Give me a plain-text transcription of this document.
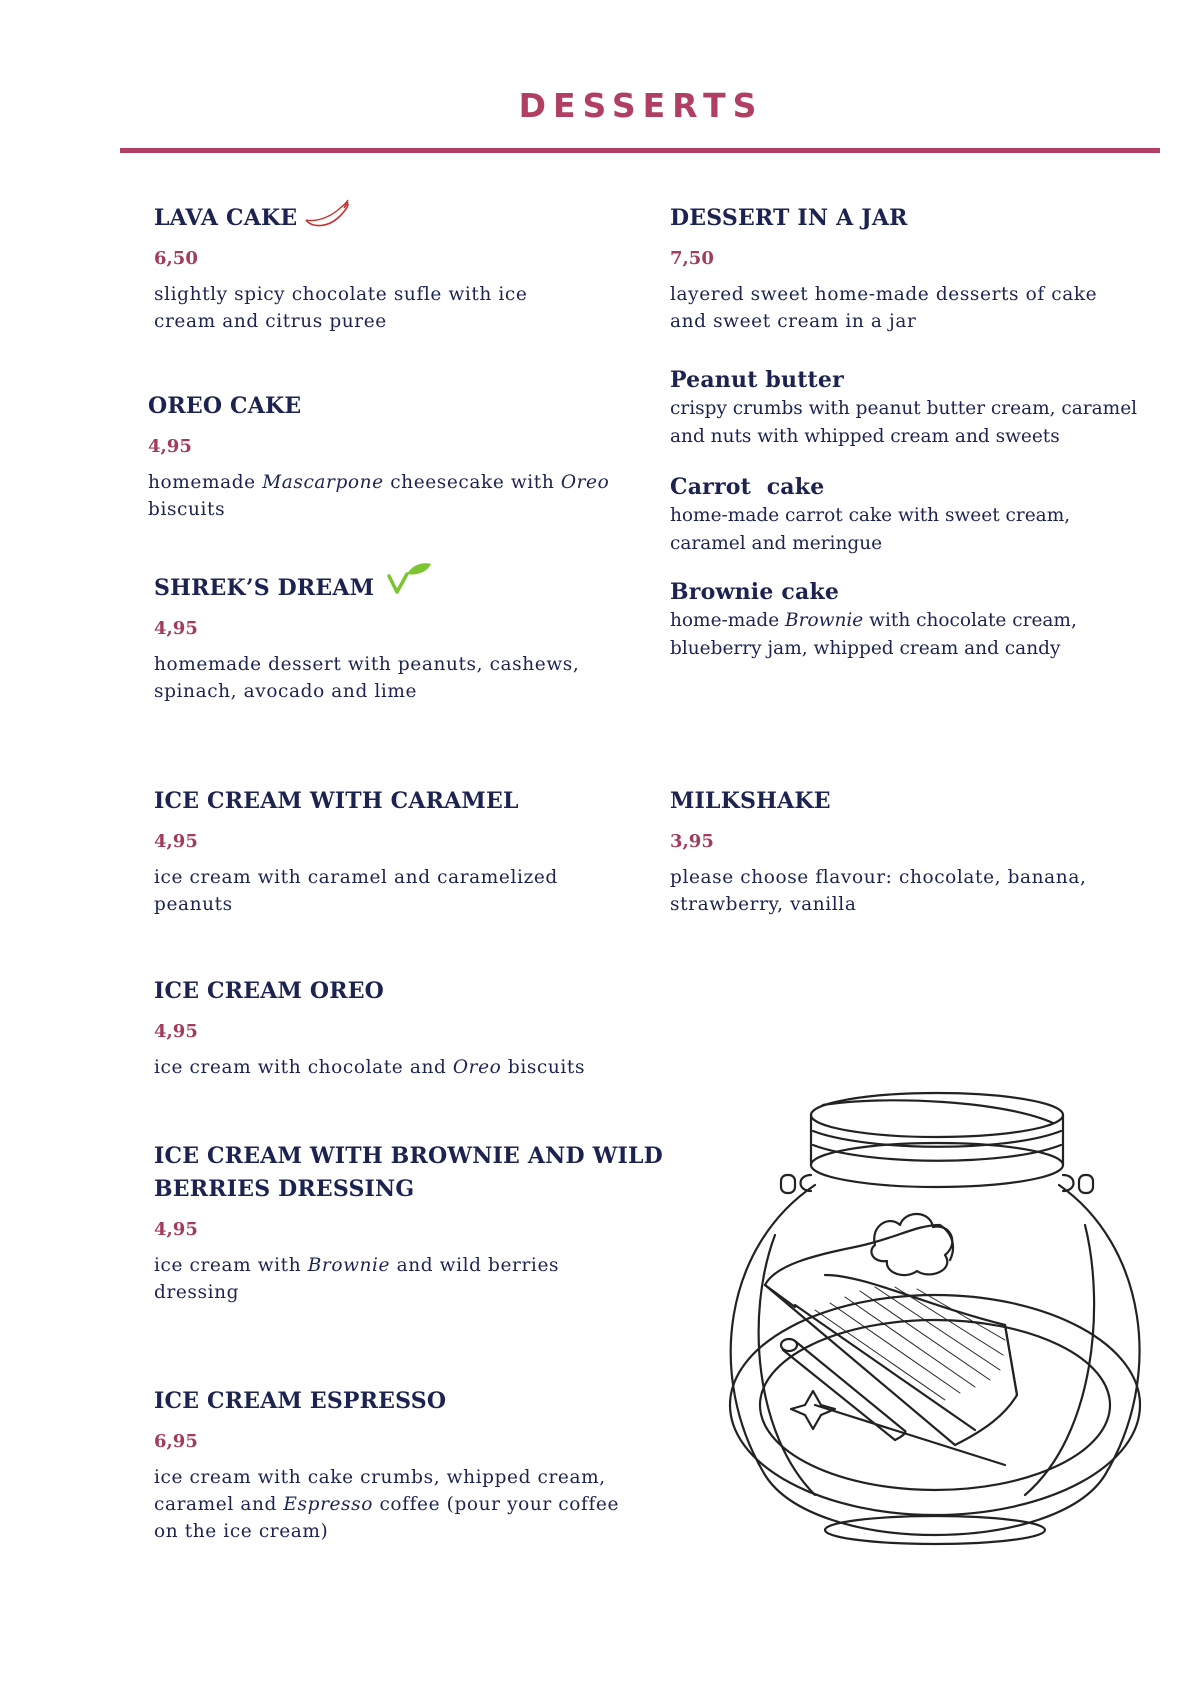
DESSERTS
LAVA CAKE
6,50
slightly spicy chocolate sufle with ice
cream and citrus puree
OREO CAKE
4,95
homemade Mascarpone cheesecake with Oreo
biscuits
SHREK’S DREAM
4,95
homemade dessert with peanuts, cashews,
spinach, avocado and lime
ICE CREAM WITH CARAMEL
4,95
ice cream with caramel and caramelized
peanuts
ICE CREAM OREO
4,95
ice cream with chocolate and Oreo biscuits
ICE CREAM WITH BROWNIE AND WILD
BERRIES DRESSING
4,95
ice cream with Brownie and wild berries
dressing
ICE CREAM ESPRESSO
6,95
ice cream with cake crumbs, whipped cream,
caramel and Espresso coffee (pour your coffee
on the ice cream)
DESSERT IN A JAR
7,50
layered sweet home-made desserts of cake
and sweet cream in a jar
Peanut butter
crispy crumbs with peanut butter cream, caramel
and nuts with whipped cream and sweets
Carrot  cake
home-made carrot cake with sweet cream,
caramel and meringue
Brownie cake
home-made Brownie with chocolate cream,
blueberry jam, whipped cream and candy
MILKSHAKE
3,95
please choose flavour: chocolate, banana,
strawberry, vanilla
